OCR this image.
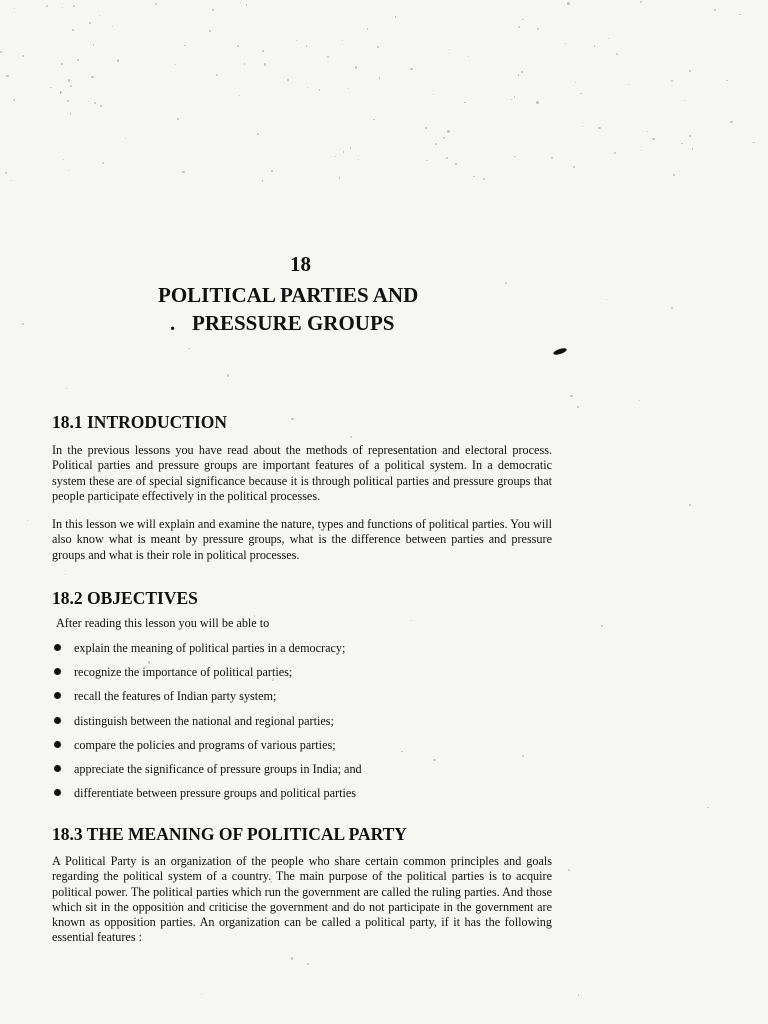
18
POLITICAL PARTIES AND
. PRESSURE GROUPS
18.1 INTRODUCTION

In the previous lessons you have read about the methods of representation and electoral process. Political parties and pressure groups are important features of a political system. In a democratic system these are of special significance because it is through political parties and pressure groups that people participate effectively in the political processes.

In this lesson we will explain and examine the nature, types and functions of political parties. You will also know what is meant by pressure groups, what is the difference between parties and pressure groups and what is their role in political processes.

18.2 OBJECTIVES
After reading this lesson you will be able to
explain the meaning of political parties in a democracy;
recognize the importance of political parties;
recall the features of Indian party system;
distinguish between the national and regional parties;
compare the policies and programs of various parties;
appreciate the significance of pressure groups in India; and
differentiate between pressure groups and political parties
18.3 THE MEANING OF POLITICAL PARTY

A Political Party is an organization of the people who share certain common principles and goals regarding the political system of a country. The main purpose of the political parties is to acquire political power. The political parties which run the government are called the ruling parties. And those which sit in the opposition and criticise the government and do not participate in the government are known as opposition parties. An organization can be called a political party, if it has the following essential features :
